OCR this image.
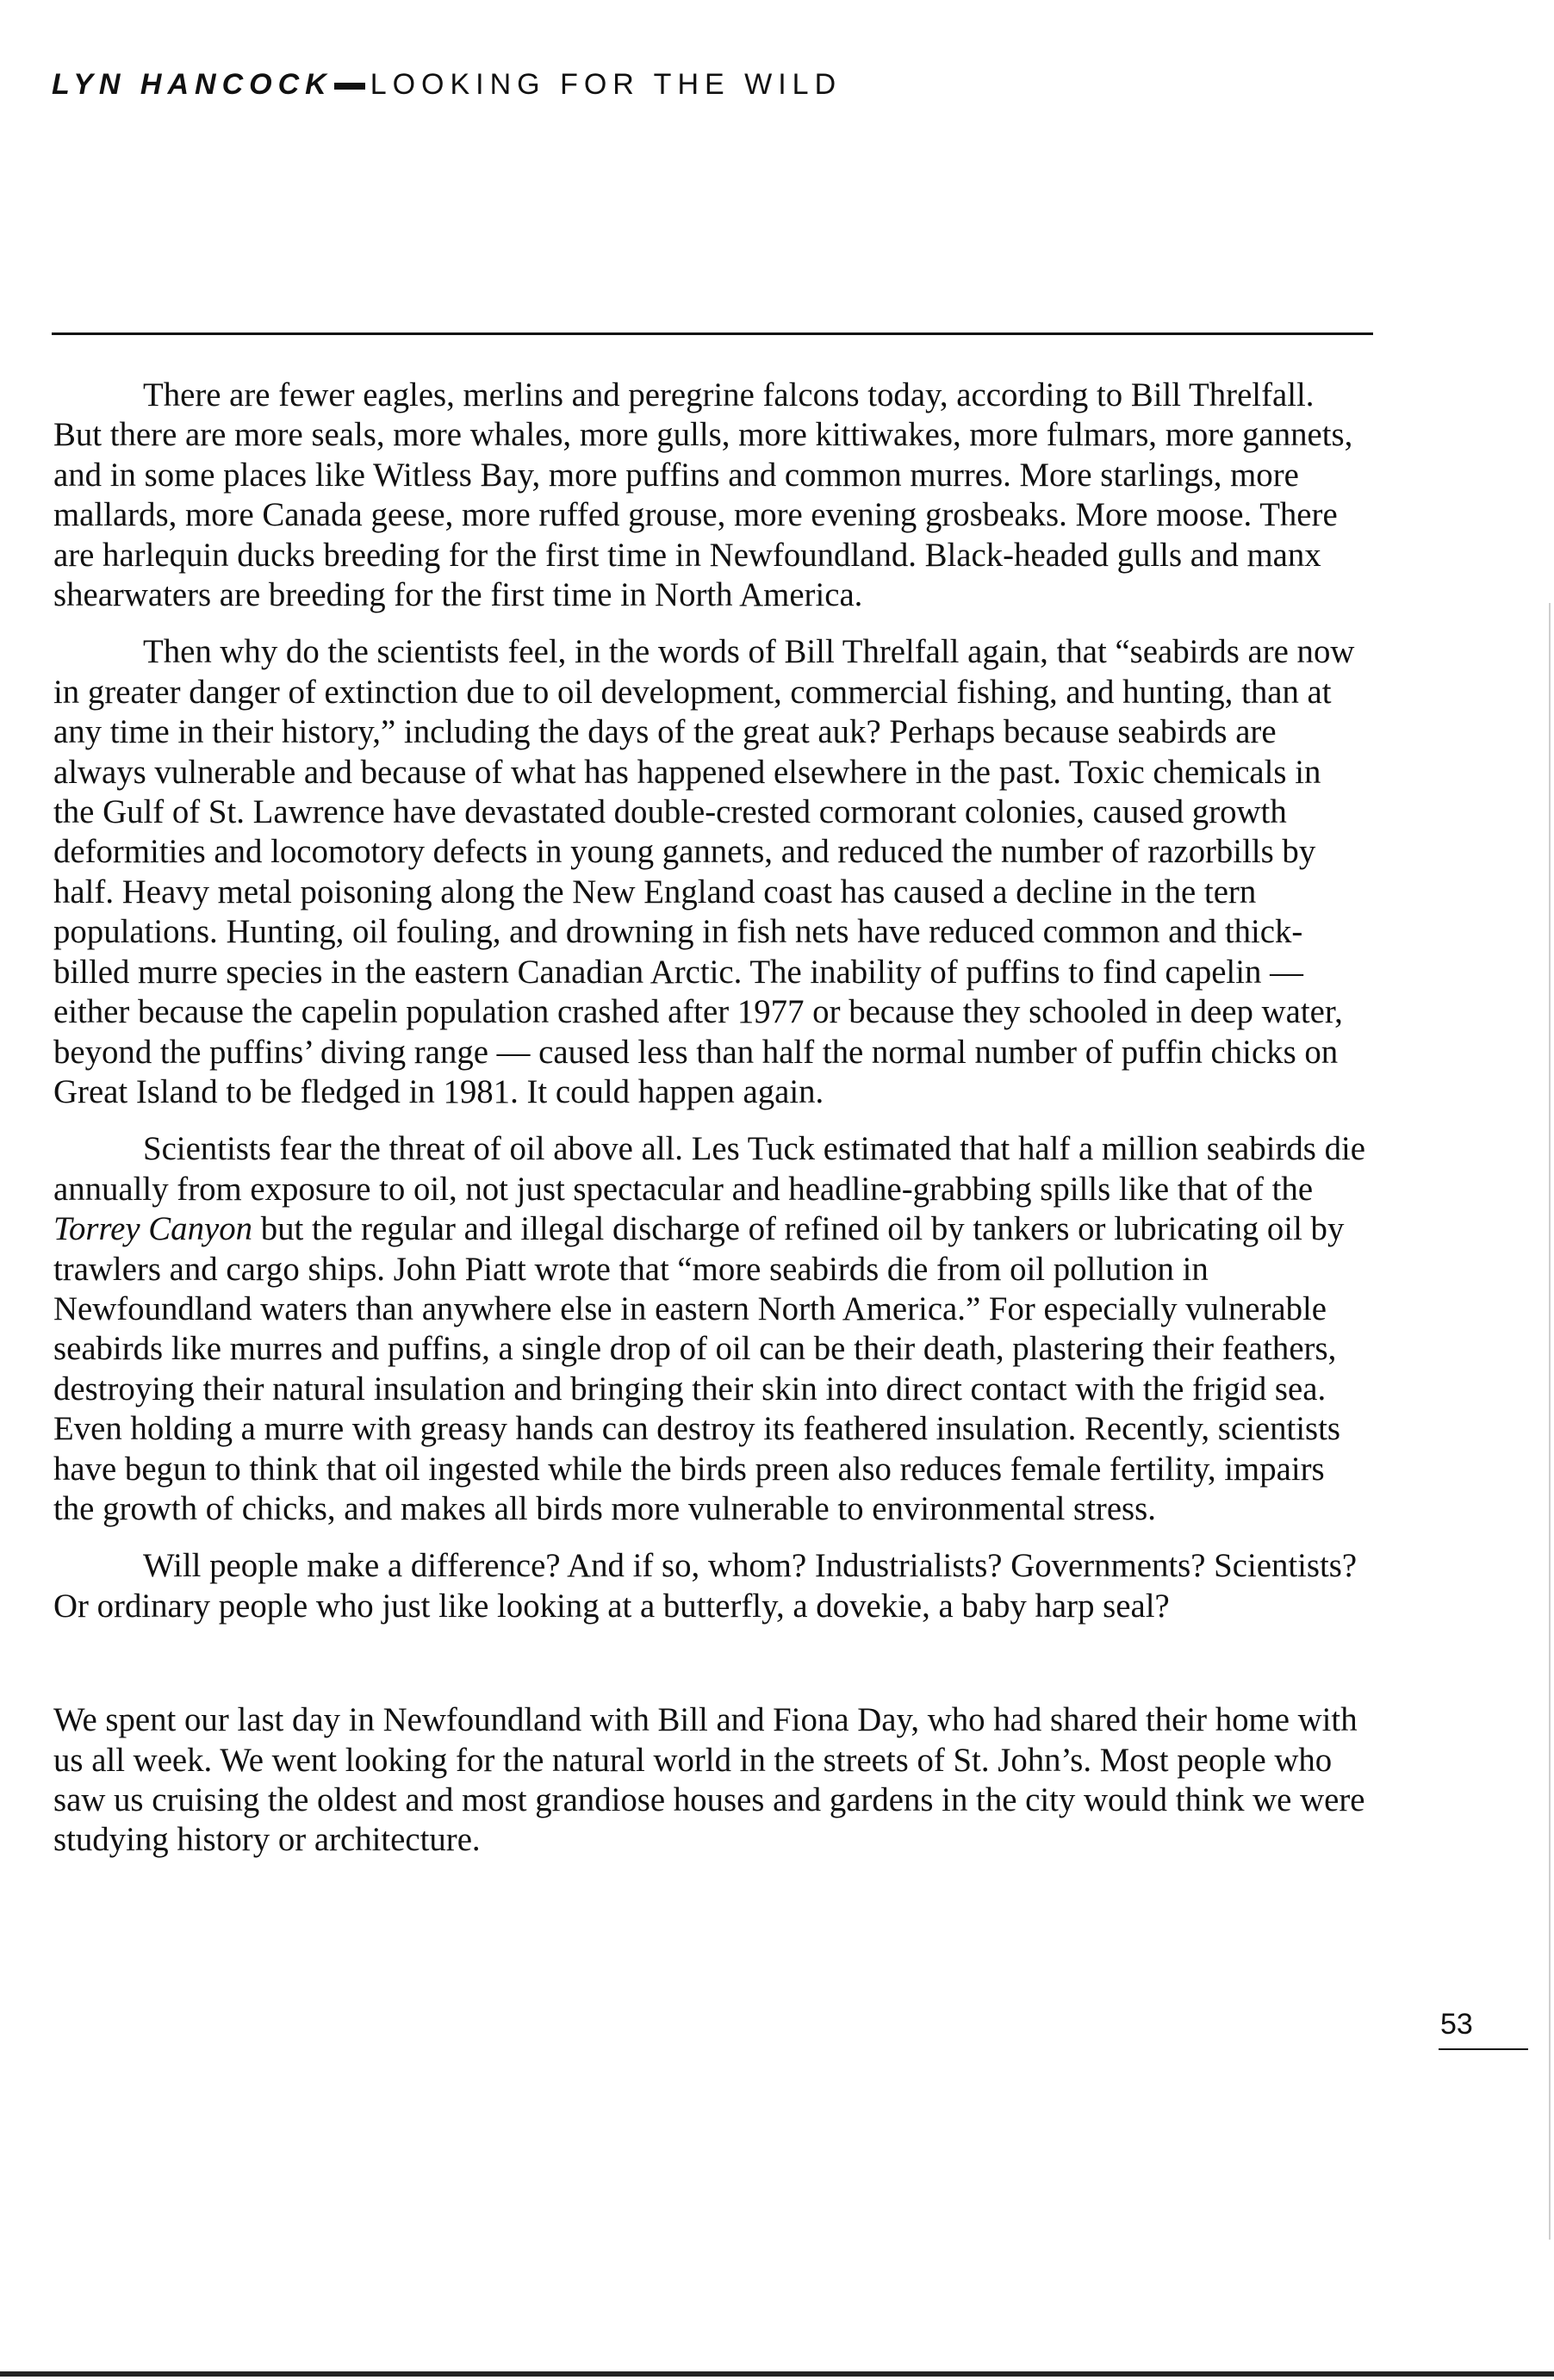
LYN HANCOCK LOOKING FOR THE WILD

There are fewer eagles, merlins and peregrine falcons today, according to Bill Threlfall. But there are more seals, more whales, more gulls, more kittiwakes, more fulmars, more gannets, and in some places like Witless Bay, more puffins and common murres. More starlings, more mallards, more Canada geese, more ruffed grouse, more evening grosbeaks. More moose. There are harlequin ducks breeding for the first time in Newfoundland. Black-headed gulls and manx shearwaters are breeding for the first time in North America.

Then why do the scientists feel, in the words of Bill Threlfall again, that “seabirds are now in greater danger of extinction due to oil development, commercial fishing, and hunting, than at any time in their history,” including the days of the great auk? Perhaps because seabirds are always vulnerable and because of what has happened elsewhere in the past. Toxic chemicals in the Gulf of St. Lawrence have devastated double-crested cormorant colonies, caused growth deformities and locomotory defects in young gannets, and reduced the number of razorbills by half. Heavy metal poisoning along the New England coast has caused a decline in the tern populations. Hunting, oil fouling, and drowning in fish nets have reduced common and thick-billed murre species in the eastern Canadian Arctic. The inability of puffins to find capelin — either because the capelin population crashed after 1977 or because they schooled in deep water, beyond the puffins’ diving range — caused less than half the normal number of puffin chicks on Great Island to be fledged in 1981. It could happen again.

Scientists fear the threat of oil above all. Les Tuck estimated that half a million seabirds die annually from exposure to oil, not just spectacular and headline-grabbing spills like that of the Torrey Canyon but the regular and illegal discharge of refined oil by tankers or lubricating oil by trawlers and cargo ships. John Piatt wrote that “more seabirds die from oil pollution in Newfoundland waters than anywhere else in eastern North America.” For especially vulnerable seabirds like murres and puffins, a single drop of oil can be their death, plastering their feathers, destroying their natural insulation and bringing their skin into direct contact with the frigid sea. Even holding a murre with greasy hands can destroy its feathered insulation. Recently, scientists have begun to think that oil ingested while the birds preen also reduces female fertility, impairs the growth of chicks, and makes all birds more vulnerable to environmental stress.

Will people make a difference? And if so, whom? Industrialists? Governments? Scientists? Or ordinary people who just like looking at a butterfly, a dovekie, a baby harp seal?

We spent our last day in Newfoundland with Bill and Fiona Day, who had shared their home with us all week. We went looking for the natural world in the streets of St. John’s. Most people who saw us cruising the oldest and most grandiose houses and gardens in the city would think we were studying history or architecture.

53
